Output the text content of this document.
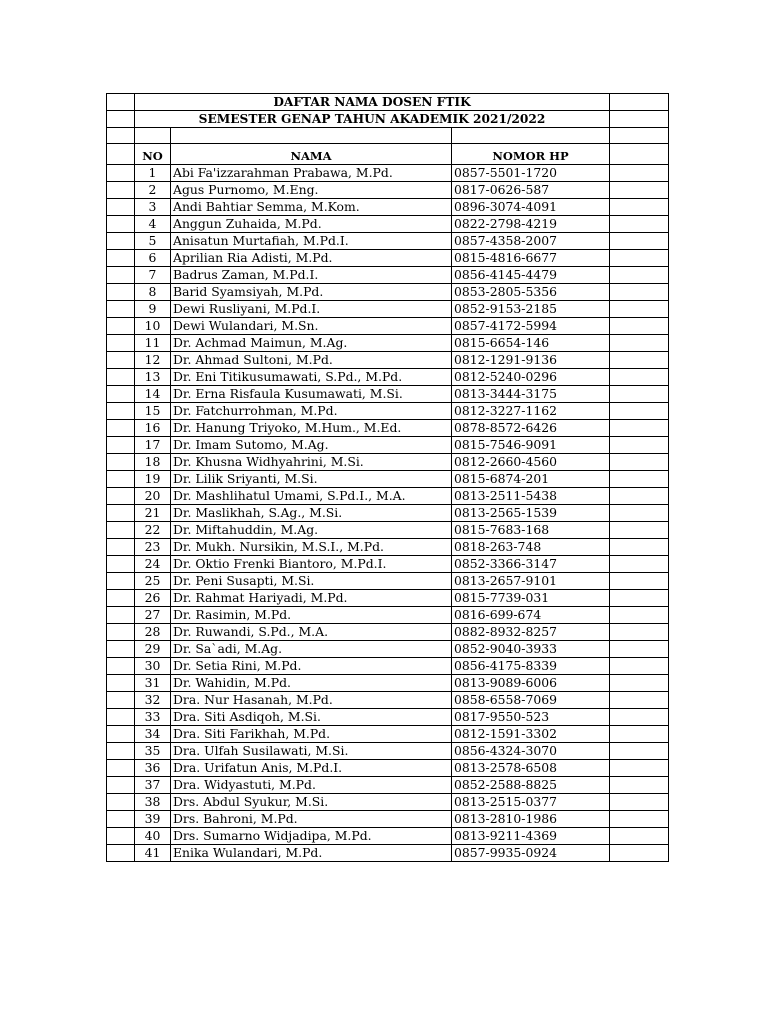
	DAFTAR NAMA DOSEN FTIK			
	SEMESTER GENAP TAHUN AKADEMIK 2021/2022			

	NO	NAMA	NOMOR HP	
	1	Abi Fa'izzarahman Prabawa, M.Pd.	0857-5501-1720	
	2	Agus Purnomo, M.Eng.	0817-0626-587	
	3	Andi Bahtiar Semma, M.Kom.	0896-3074-4091	
	4	Anggun Zuhaida, M.Pd.	0822-2798-4219	
	5	Anisatun Murtafiah, M.Pd.I.	0857-4358-2007	
	6	Aprilian Ria Adisti, M.Pd.	0815-4816-6677	
	7	Badrus Zaman, M.Pd.I.	0856-4145-4479	
	8	Barid Syamsiyah, M.Pd.	0853-2805-5356	
	9	Dewi Rusliyani, M.Pd.I.	0852-9153-2185	
	10	Dewi Wulandari, M.Sn.	0857-4172-5994	
	11	Dr. Achmad Maimun, M.Ag.	0815-6654-146	
	12	Dr. Ahmad Sultoni, M.Pd.	0812-1291-9136	
	13	Dr. Eni Titikusumawati, S.Pd., M.Pd.	0812-5240-0296	
	14	Dr. Erna Risfaula Kusumawati, M.Si.	0813-3444-3175	
	15	Dr. Fatchurrohman, M.Pd.	0812-3227-1162	
	16	Dr. Hanung Triyoko, M.Hum., M.Ed.	0878-8572-6426	
	17	Dr. Imam Sutomo, M.Ag.	0815-7546-9091	
	18	Dr. Khusna Widhyahrini, M.Si.	0812-2660-4560	
	19	Dr. Lilik Sriyanti, M.Si.	0815-6874-201	
	20	Dr. Mashlihatul Umami, S.Pd.I., M.A.	0813-2511-5438	
	21	Dr. Maslikhah, S.Ag., M.Si.	0813-2565-1539	
	22	Dr. Miftahuddin, M.Ag.	0815-7683-168	
	23	Dr. Mukh. Nursikin, M.S.I., M.Pd.	0818-263-748	
	24	Dr. Oktio Frenki Biantoro, M.Pd.I.	0852-3366-3147	
	25	Dr. Peni Susapti, M.Si.	0813-2657-9101	
	26	Dr. Rahmat Hariyadi, M.Pd.	0815-7739-031	
	27	Dr. Rasimin, M.Pd.	0816-699-674	
	28	Dr. Ruwandi, S.Pd., M.A.	0882-8932-8257	
	29	Dr. Sa`adi, M.Ag.	0852-9040-3933	
	30	Dr. Setia Rini, M.Pd.	0856-4175-8339	
	31	Dr. Wahidin, M.Pd.	0813-9089-6006	
	32	Dra. Nur Hasanah, M.Pd.	0858-6558-7069	
	33	Dra. Siti Asdiqoh, M.Si.	0817-9550-523	
	34	Dra. Siti Farikhah, M.Pd.	0812-1591-3302	
	35	Dra. Ulfah Susilawati, M.Si.	0856-4324-3070	
	36	Dra. Urifatun Anis, M.Pd.I.	0813-2578-6508	
	37	Dra. Widyastuti, M.Pd.	0852-2588-8825	
	38	Drs. Abdul Syukur, M.Si.	0813-2515-0377	
	39	Drs. Bahroni, M.Pd.	0813-2810-1986	
	40	Drs. Sumarno Widjadipa, M.Pd.	0813-9211-4369	
	41	Enika Wulandari, M.Pd.	0857-9935-0924	
